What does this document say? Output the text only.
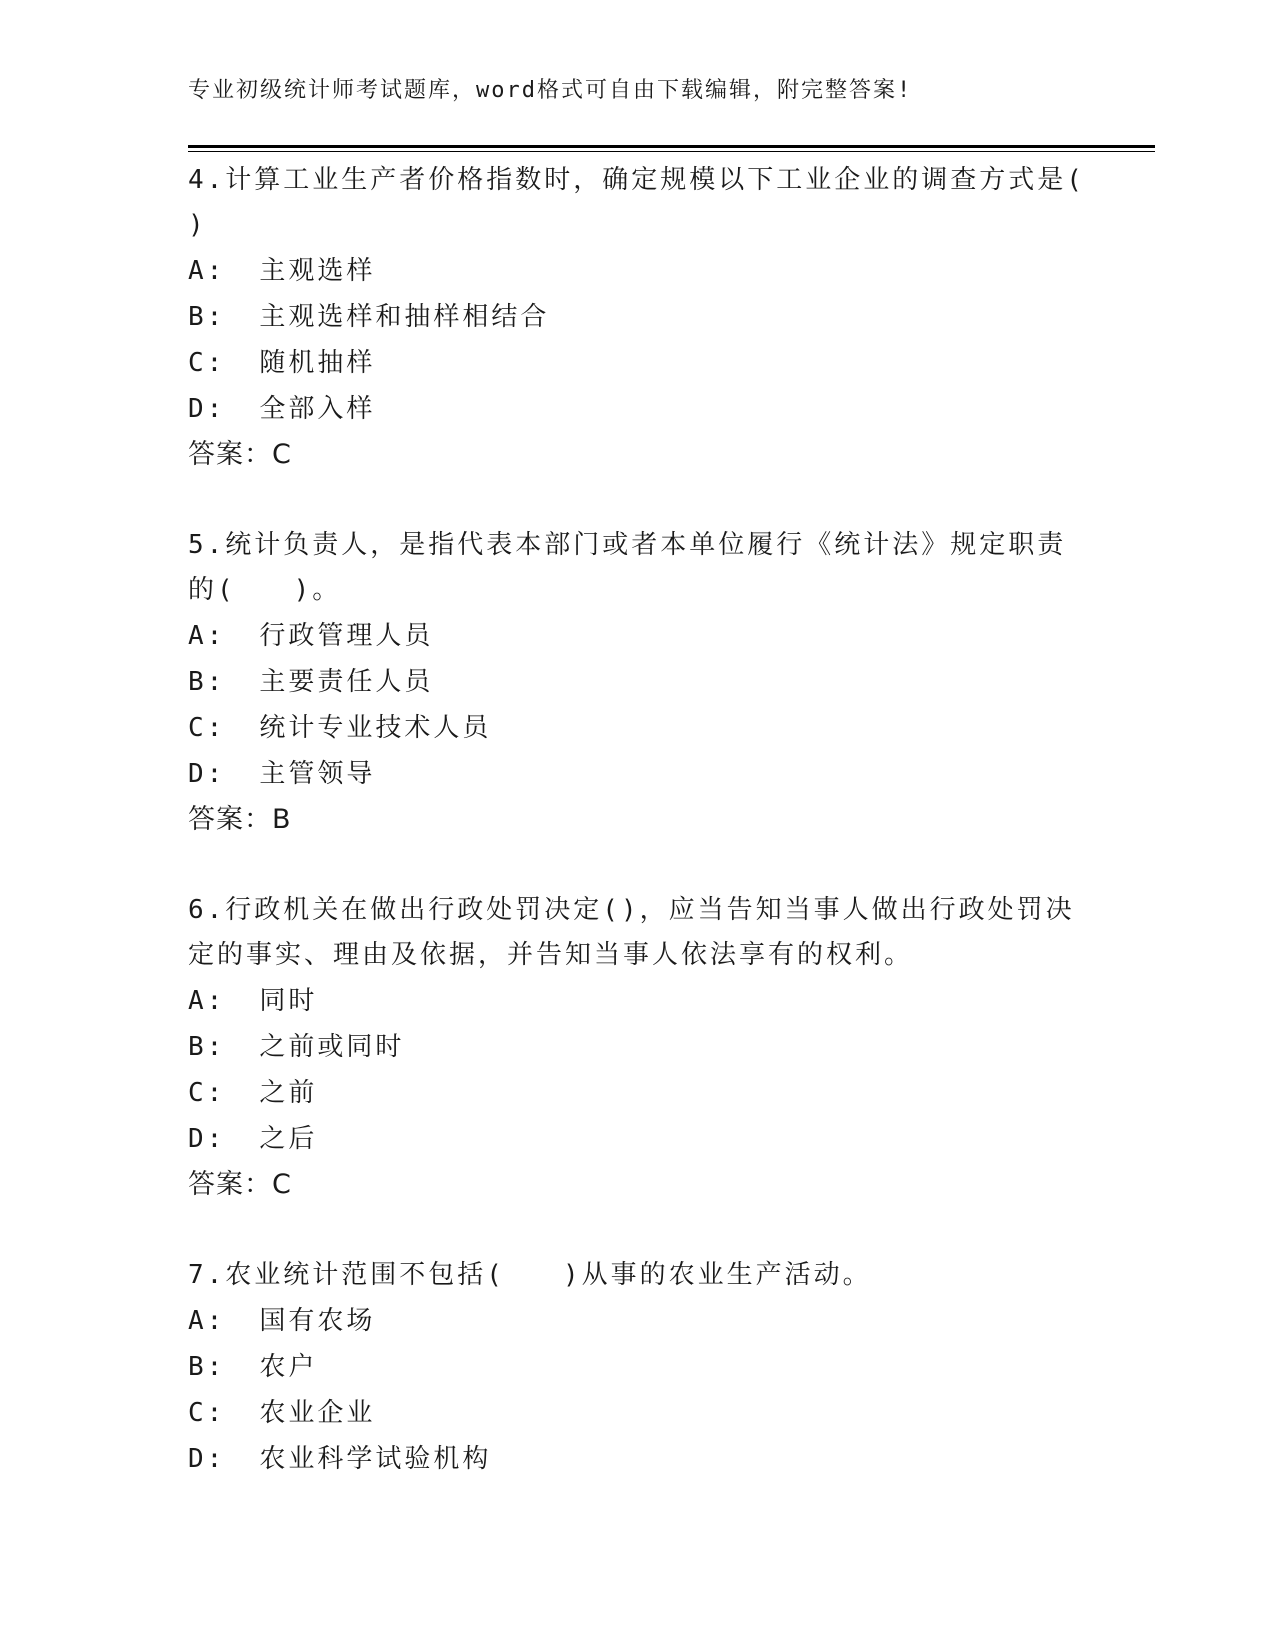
专业初级统计师考试题库，word格式可自由下载编辑，附完整答案!
4.计算工业生产者价格指数时，确定规模以下工业企业的调查方式是( )
A: 主观选样
B: 主观选样和抽样相结合
C: 随机抽样
D: 全部入样
答案：C
5.统计负责人，是指代表本部门或者本单位履行《统计法》规定职责的(　　)。
A: 行政管理人员
B: 主要责任人员
C: 统计专业技术人员
D: 主管领导
答案：B
6.行政机关在做出行政处罚决定()，应当告知当事人做出行政处罚决定的事实、理由及依据，并告知当事人依法享有的权利。
A: 同时
B: 之前或同时
C: 之前
D: 之后
答案：C
7.农业统计范围不包括(　　)从事的农业生产活动。
A: 国有农场
B: 农户
C: 农业企业
D: 农业科学试验机构
